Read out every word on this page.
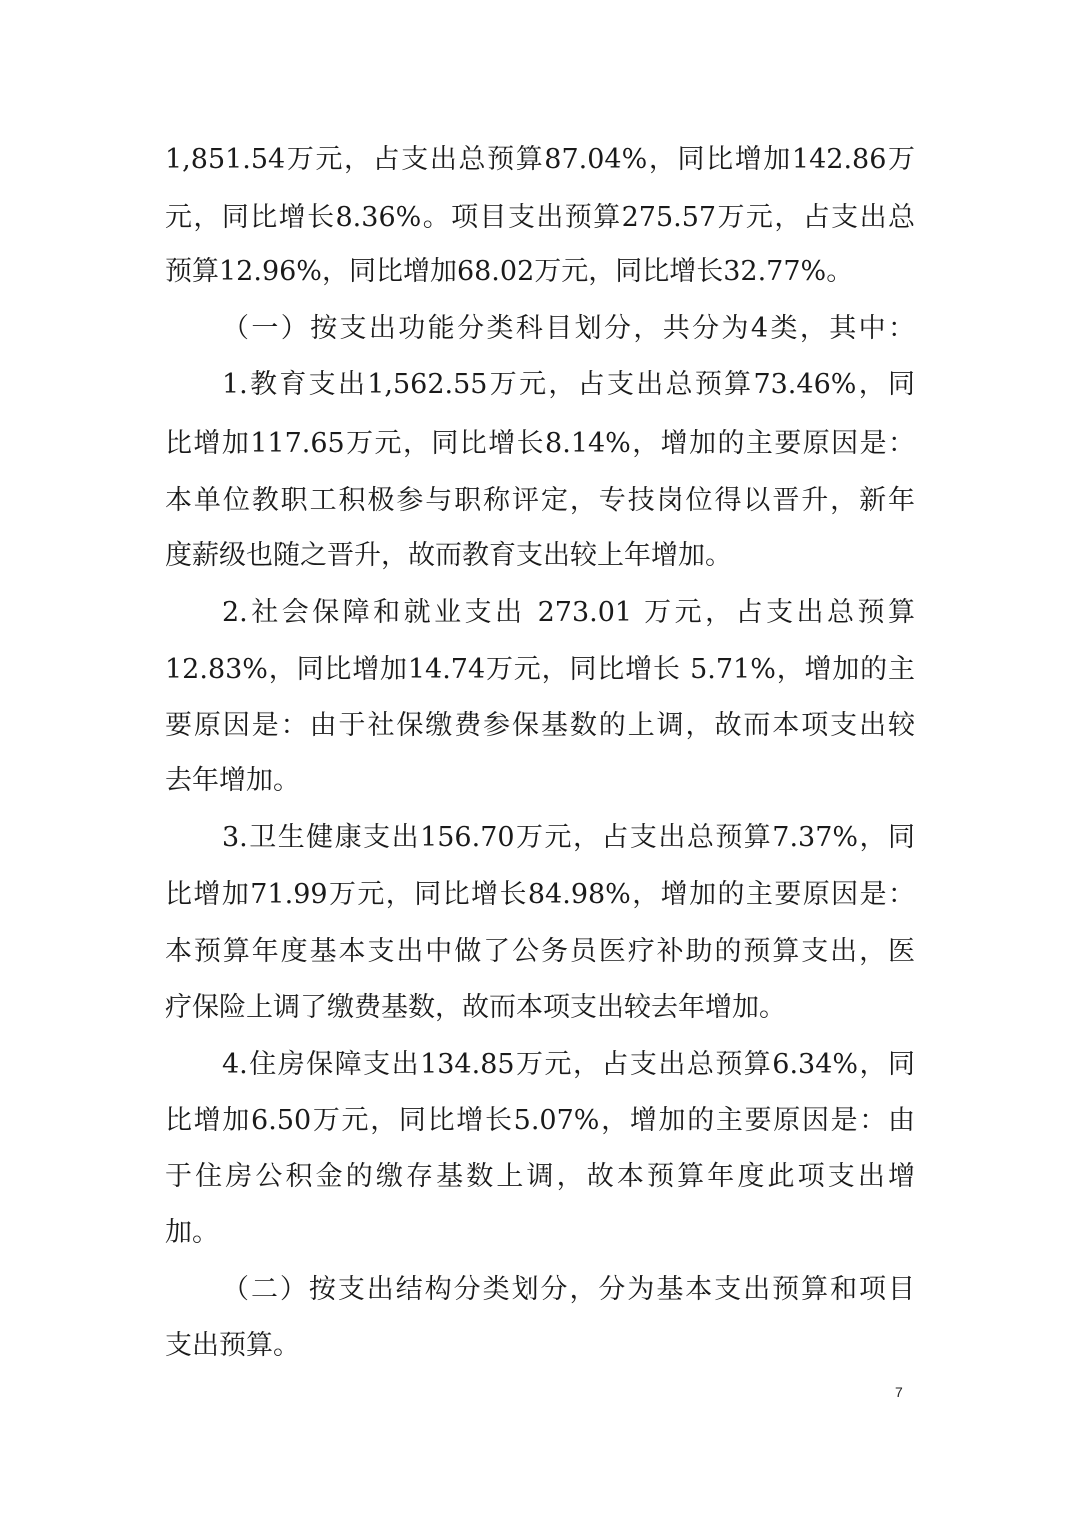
1,851.54万元，占支出总预算87.04%，同比增加142.86万
元，同比增长8.36%。项目支出预算275.57万元，占支出总
预算12.96%，同比增加68.02万元，同比增长32.77%。
（一）按支出功能分类科目划分，共分为4类，其中：
1.教育支出1,562.55万元，占支出总预算73.46%，同
比增加117.65万元，同比增长8.14%，增加的主要原因是：
本单位教职工积极参与职称评定，专技岗位得以晋升，新年
度薪级也随之晋升，故而教育支出较上年增加。
2.社会保障和就业支出 273.01 万元，占支出总预算
12.83%，同比增加14.74万元，同比增长 5.71%，增加的主
要原因是：由于社保缴费参保基数的上调，故而本项支出较
去年增加。
3.卫生健康支出156.70万元，占支出总预算7.37%，同
比增加71.99万元，同比增长84.98%，增加的主要原因是：
本预算年度基本支出中做了公务员医疗补助的预算支出，医
疗保险上调了缴费基数，故而本项支出较去年增加。
4.住房保障支出134.85万元，占支出总预算6.34%，同
比增加6.50万元，同比增长5.07%，增加的主要原因是：由
于住房公积金的缴存基数上调，故本预算年度此项支出增
加。
（二）按支出结构分类划分，分为基本支出预算和项目
支出预算。
7
